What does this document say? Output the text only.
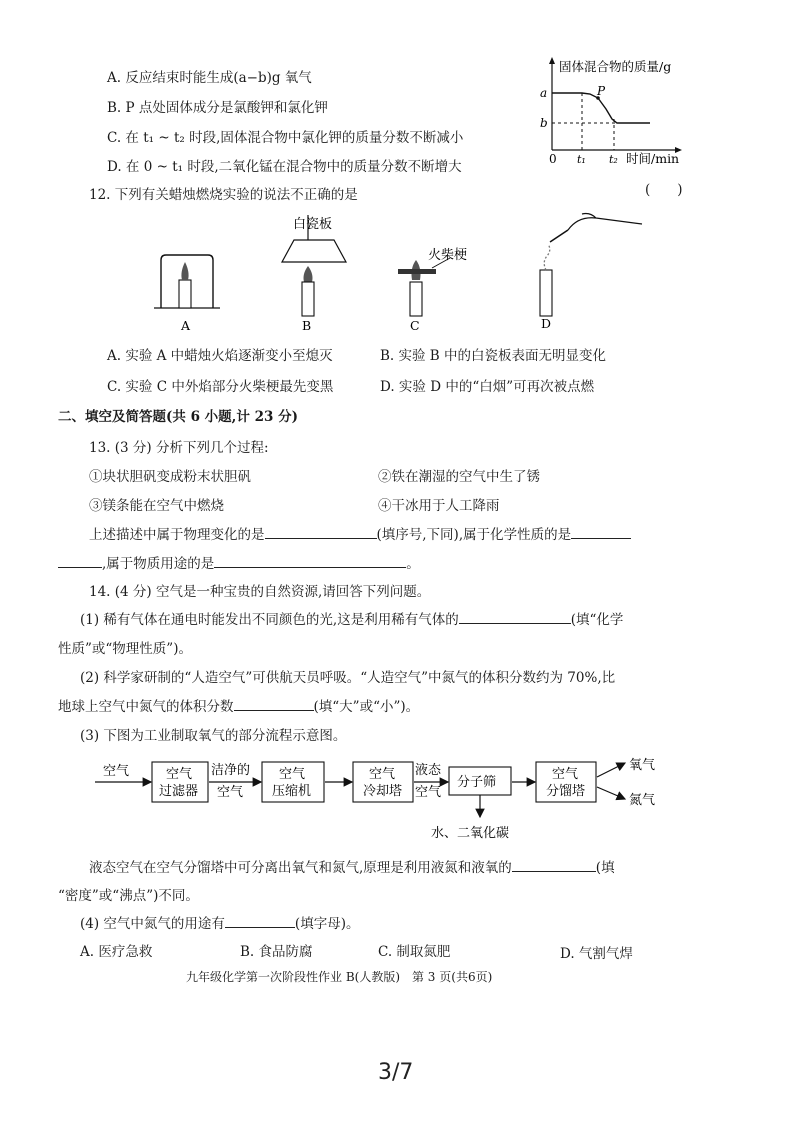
A. 反应结束时能生成(a−b)g 氧气
B. P 点处固体成分是氯酸钾和氯化钾
C. 在 t₁ ~ t₂ 时段,固体混合物中氯化钾的质量分数不断减小
D. 在 0 ~ t₁ 时段,二氧化锰在混合物中的质量分数不断增大
固体混合物的质量/g
a
b
0 t₁ t₂ 时间/min
P
(　　)
12. 下列有关蜡烛燃烧实验的说法不正确的是
A	B
白瓷板
C
火柴梗
D
A. 实验 A 中蜡烛火焰逐渐变小至熄灭	B. 实验 B 中的白瓷板表面无明显变化
C. 实验 C 中外焰部分火柴梗最先变黑	D. 实验 D 中的“白烟”可再次被点燃
二、填空及简答题(共 6 小题,计 23 分)
13. (3 分) 分析下列几个过程:
①块状胆矾变成粉末状胆矾	②铁在潮湿的空气中生了锈
③镁条能在空气中燃烧	④干冰用于人工降雨
上述描述中属于物理变化的是	(填序号,下同),属于化学性质的是
,属于物质用途的是	。
14. (4 分) 空气是一种宝贵的自然资源,请回答下列问题。
(1) 稀有气体在通电时能发出不同颜色的光,这是利用稀有气体的	(填“化学
性质”或“物理性质”)。
(2) 科学家研制的“人造空气”可供航天员呼吸。“人造空气”中氮气的体积分数约为 70%,比
地球上空气中氮气的体积分数	(填“大”或“小”)。
(3) 下图为工业制取氧气的部分流程示意图。
空气	空气
过滤器
洁净的
空气
空气
压缩机
空气
冷却塔
液态
空气
分子筛
水、二氧化碳
空气
分馏塔
氧气
氮气
液态空气在空气分馏塔中可分离出氧气和氮气,原理是利用液氮和液氧的	(填
“密度”或“沸点”)不同。
(4) 空气中氮气的用途有	(填字母)。
A. 医疗急救	B. 食品防腐	C. 制取氮肥	D. 气割气焊
九年级化学第一次阶段性作业 B(人教版)　第 3 页(共6页)
3/7
